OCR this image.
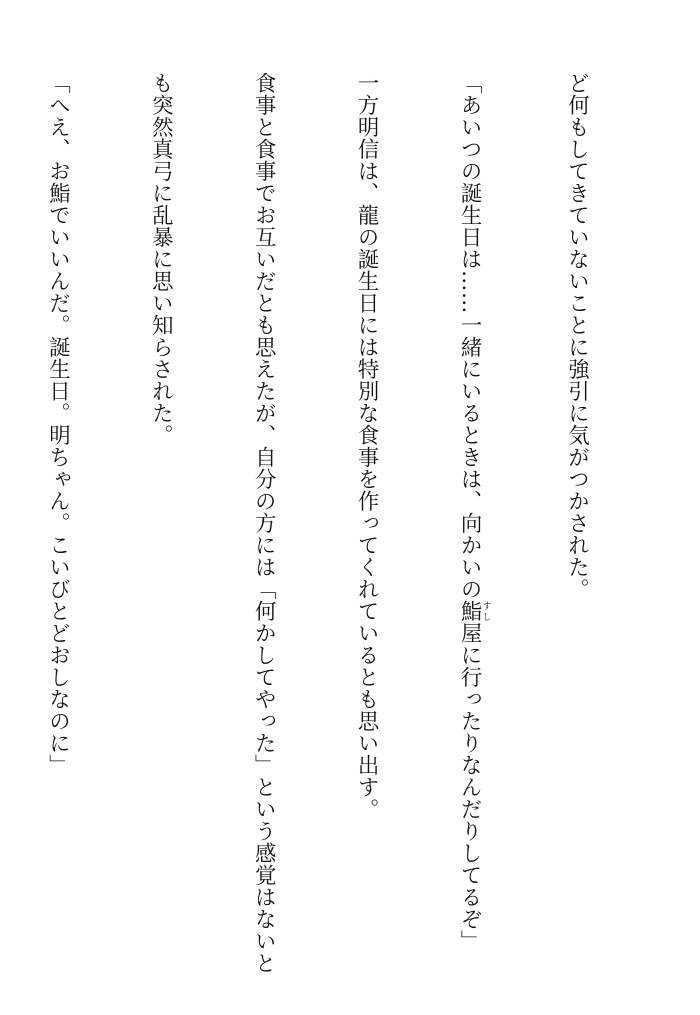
ど何もしてきていないことに強引に気がつかされた。

「あいつの誕生日は……一緒にいるときは、向かいの鮨すし屋に行ったりなんだりしてるぞ」

一方明信は、龍の誕生日には特別な食事を作ってくれているとも思い出す。

食事と食事でお互いだとも思えたが、自分の方には「何かしてやった」という感覚はないと

も突然真弓に乱暴に思い知らされた。

「へえ、お鮨でいいんだ。誕生日。明ちゃん。こいびとどおしなのに」
